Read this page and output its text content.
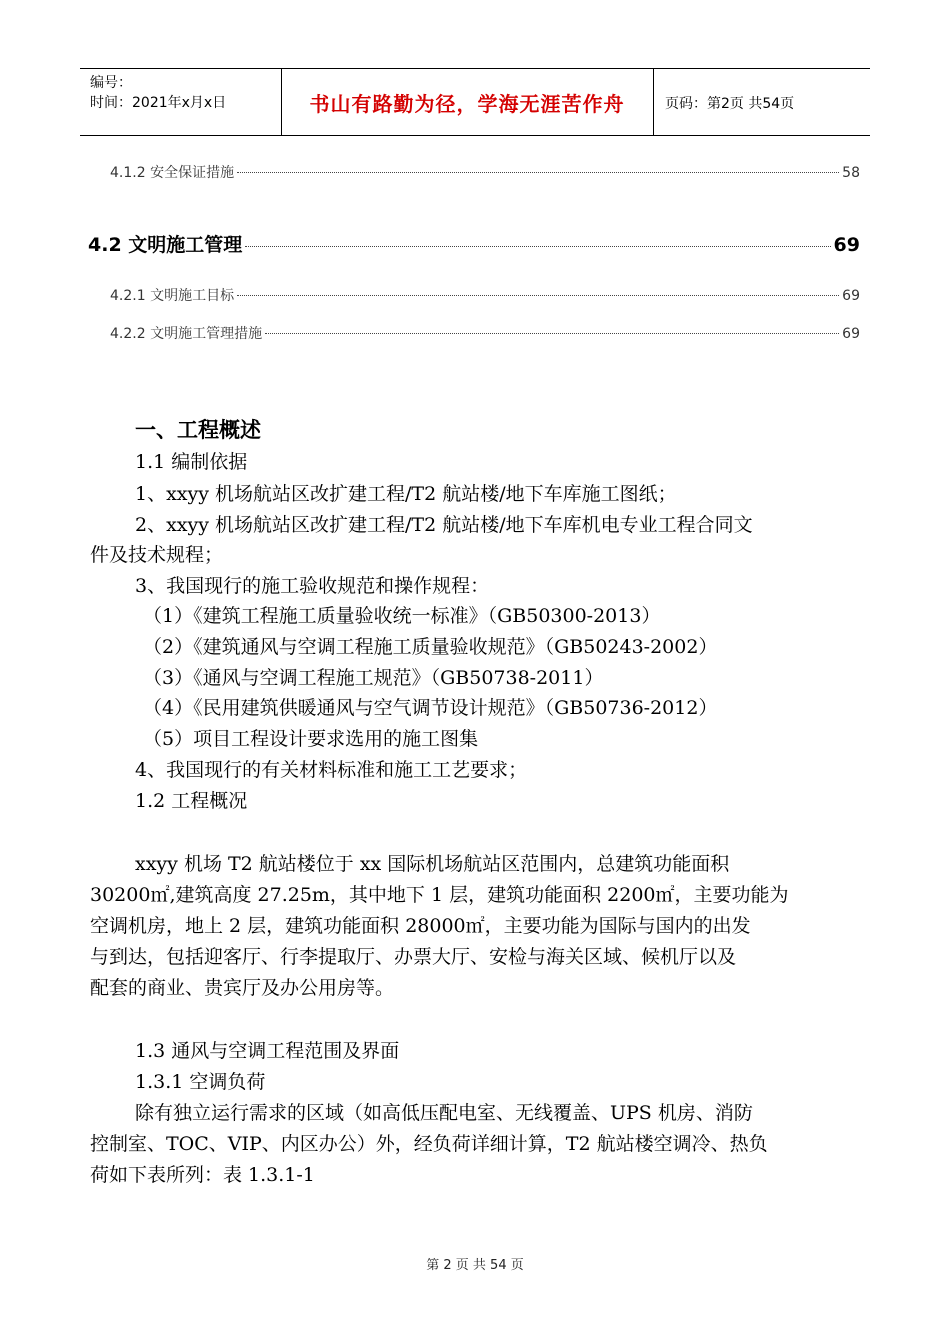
编号：
时间：2021年x月x日	书山有路勤为径，学海无涯苦作舟	页码：第2页 共54页
4.1.2 安全保证措施	58
4.2 文明施工管理	69
4.2.1 文明施工目标	69
4.2.2 文明施工管理措施	69
一、工程概述
1.1 编制依据
1、xxyy 机场航站区改扩建工程/T2 航站楼/地下车库施工图纸；
2、xxyy 机场航站区改扩建工程/T2 航站楼/地下车库机电专业工程合同文
件及技术规程；
3、我国现行的施工验收规范和操作规程：
（1）《建筑工程施工质量验收统一标准》（GB50300-2013）
（2）《建筑通风与空调工程施工质量验收规范》（GB50243-2002）
（3）《通风与空调工程施工规范》（GB50738-2011）
（4）《民用建筑供暖通风与空气调节设计规范》（GB50736-2012）
（5）项目工程设计要求选用的施工图集
4、我国现行的有关材料标准和施工工艺要求；
1.2 工程概况
xxyy 机场 T2 航站楼位于 xx 国际机场航站区范围内，总建筑功能面积
30200㎡,建筑高度 27.25m，其中地下 1 层，建筑功能面积 2200㎡，主要功能为
空调机房，地上 2 层，建筑功能面积 28000㎡，主要功能为国际与国内的出发
与到达，包括迎客厅、行李提取厅、办票大厅、安检与海关区域、候机厅以及
配套的商业、贵宾厅及办公用房等。
1.3 通风与空调工程范围及界面
1.3.1 空调负荷
除有独立运行需求的区域（如高低压配电室、无线覆盖、UPS 机房、消防
控制室、TOC、VIP、内区办公）外，经负荷详细计算，T2 航站楼空调冷、热负
荷如下表所列：表 1.3.1-1
第 2 页 共 54 页
